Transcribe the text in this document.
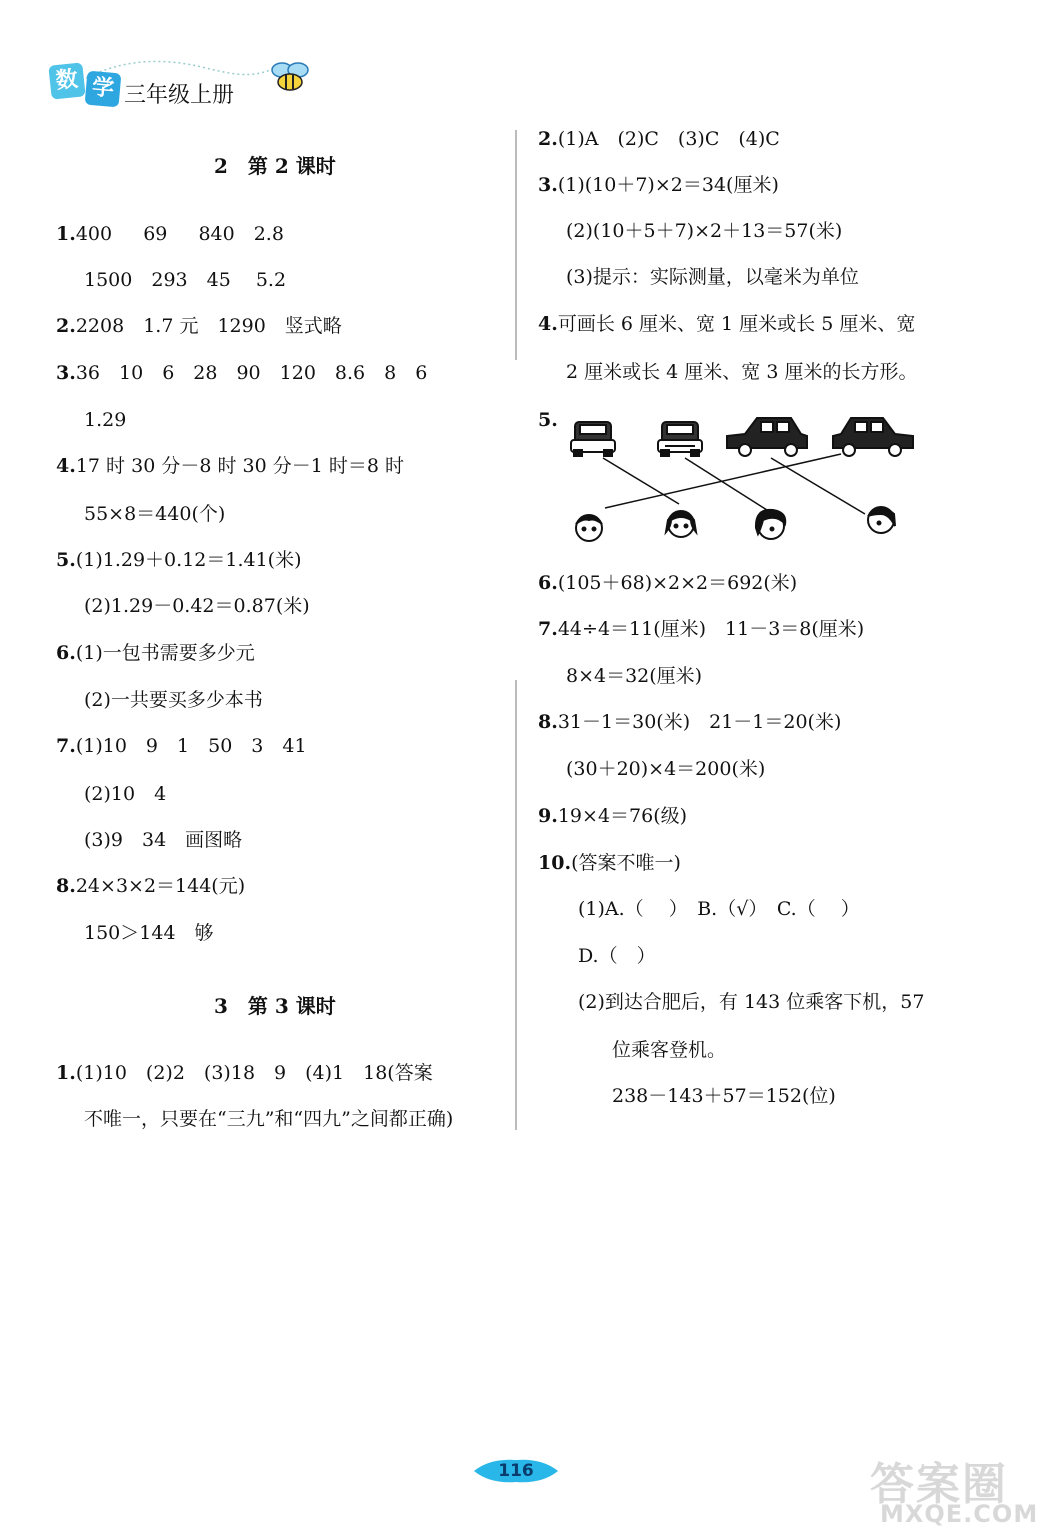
数 学 三年级上册
2　第 2 课时
1.400　  69　  840　2.8
1500　293　45　 5.2
2.2208　1.7 元　1290　竖式略
3.36　10　6　28　90　120　8.6　8　6
1.29
4.17 时 30 分－8 时 30 分－1 时＝8 时
55×8＝440(个)
5.(1)1.29＋0.12＝1.41(米)
(2)1.29－0.42＝0.87(米)
6.(1)一包书需要多少元
(2)一共要买多少本书
7.(1)10　9　1　50　3　41
(2)10　4
(3)9　34　画图略
8.24×3×2＝144(元)
150＞144　够
3　第 3 课时
1.(1)10　(2)2　(3)18　9　(4)1　18(答案
不唯一，只要在“三九”和“四九”之间都正确)
2.(1)A　(2)C　(3)C　(4)C
3.(1)(10＋7)×2＝34(厘米)
(2)(10＋5＋7)×2＋13＝57(米)
(3)提示：实际测量，以毫米为单位
4.可画长 6 厘米、宽 1 厘米或长 5 厘米、宽
2 厘米或长 4 厘米、宽 3 厘米的长方形。
5.
6.(105＋68)×2×2＝692(米)
7.44÷4＝11(厘米)　11－3＝8(厘米)
8×4＝32(厘米)
8.31－1＝30(米)　21－1＝20(米)
(30＋20)×4＝200(米)
9.19×4＝76(级)
10.(答案不唯一)
(1)A.（　 ）　B.（√）　C.（　 ）
D.（　）
(2)到达合肥后，有 143 位乘客下机，57
位乘客登机。
238－143＋57＝152(位)
116	答案圈
MXQE.COM
